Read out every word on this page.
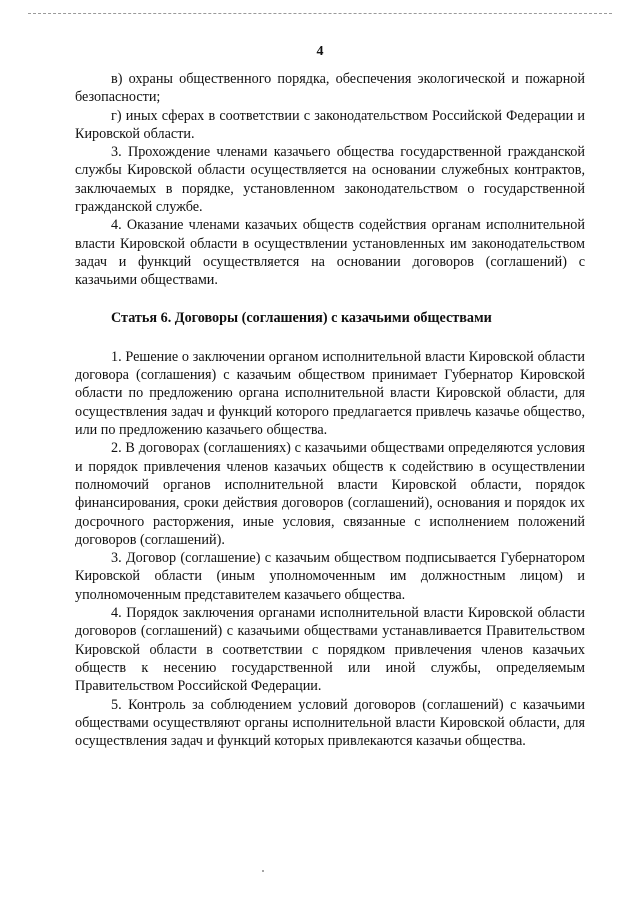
4

в) охраны общественного порядка, обеспечения экологической и пожарной безопасности;

г) иных сферах в соответствии с законодательством Российской Федерации и Кировской области.

3. Прохождение членами казачьего общества государственной гражданской службы Кировской области осуществляется на основании служебных контрактов, заключаемых в порядке, установленном законодательством о государственной гражданской службе.

4. Оказание членами казачьих обществ содействия органам исполнительной власти Кировской области в осуществлении установленных им законодательством задач и функций осуществляется на основании договоров (соглашений) с казачьими обществами.

Статья 6. Договоры (соглашения) с казачьими обществами

1. Решение о заключении органом исполнительной власти Кировской области договора (соглашения) с казачьим обществом принимает Губернатор Кировской области по предложению органа исполнительной власти Кировской области, для осуществления задач и функций которого предлагается привлечь казачье общество, или по предложению казачьего общества.

2. В договорах (соглашениях) с казачьими обществами определяются условия и порядок привлечения членов казачьих обществ к содействию в осуществлении полномочий органов исполнительной власти Кировской области, порядок финансирования, сроки действия договоров (соглашений), основания и порядок их досрочного расторжения, иные условия, связанные с исполнением положений договоров (соглашений).

3. Договор (соглашение) с казачьим обществом подписывается Губернатором Кировской области (иным уполномоченным им должностным лицом) и уполномоченным представителем казачьего общества.

4. Порядок заключения органами исполнительной власти Кировской области договоров (соглашений) с казачьими обществами устанавливается Правительством Кировской области в соответствии с порядком привлечения членов казачьих обществ к несению государственной или иной службы, определяемым Правительством Российской Федерации.

5. Контроль за соблюдением условий договоров (соглашений) с казачьими обществами осуществляют органы исполнительной власти Кировской области, для осуществления задач и функций которых привлекаются казачьи общества.
